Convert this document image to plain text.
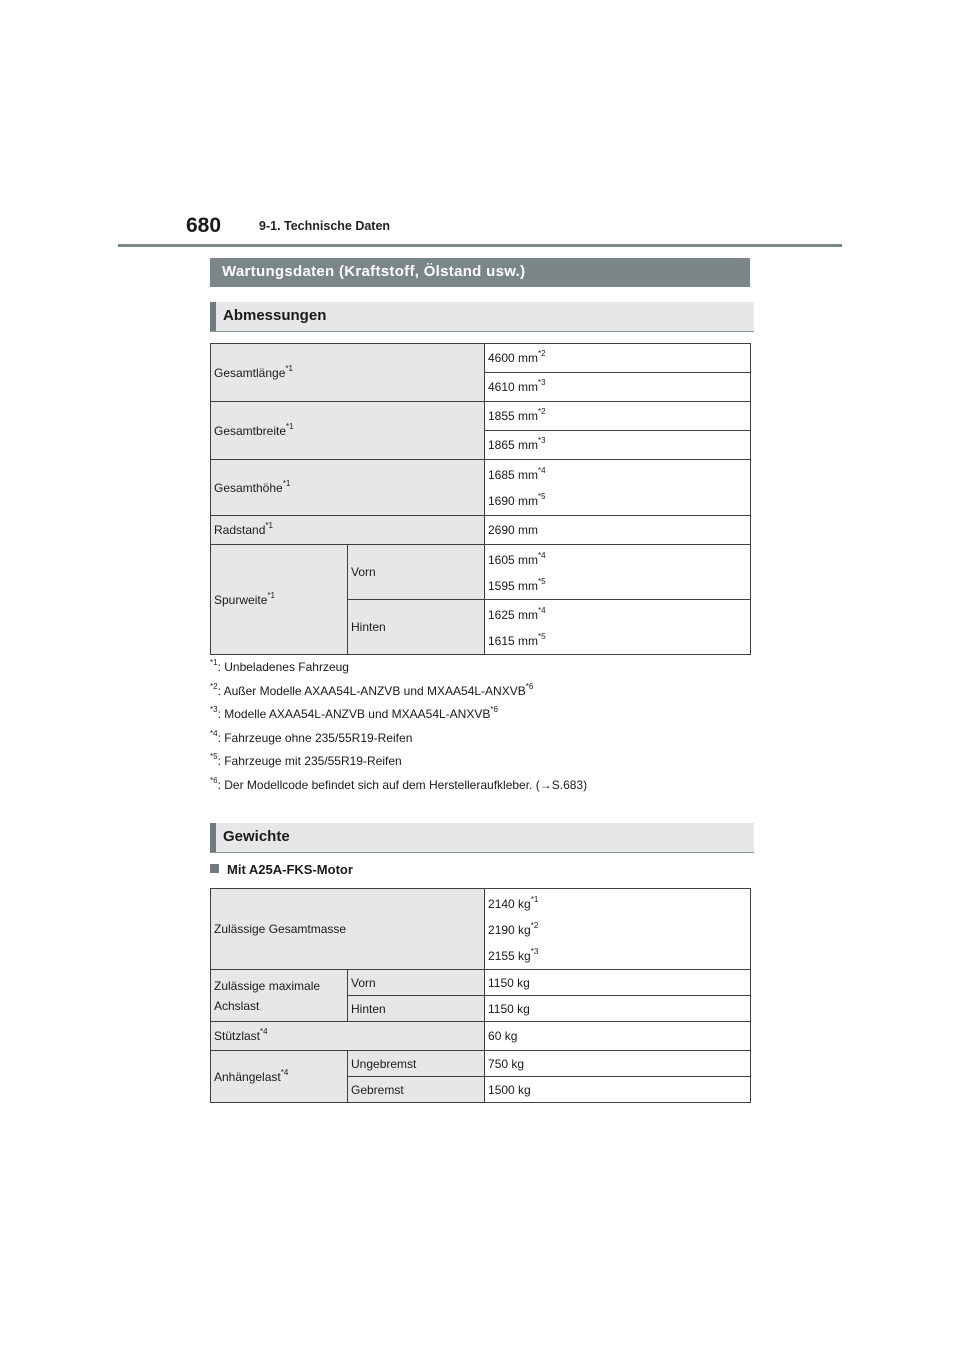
680	9-1. Technische Daten
Wartungsdaten (Kraftstoff, Ölstand usw.)
Abmessungen
Gesamtlänge$^{*1}$		4600 $mm^{*2}$
		4610 $mm^{*3}$
Gesamtbreite$^{*1}$		1855 $mm^{*2}$
		1865 $mm^{*3}$
Gesamthöhe$^{*1}$		1685 $mm^{*4}$
1690 $mm^{*5}$

Radstand$^{*1}$		2690 mm
Spurweite$^{*1}$	Vorn	1605 $mm^{*4}$
1595 $mm^{*5}$

	Hinten	1625 $mm^{*4}$
1615 $mm^{*5}$
$^{*1}$: Unbeladenes Fahrzeug
$^{*2}$: Außer Modelle AXAA54L-ANZVB und MXAA54L-ANXVB$^{*6}$
$^{*3}$: Modelle AXAA54L-ANZVB und MXAA54L-ANXVB$^{*6}$
$^{*4}$: Fahrzeuge ohne 235/55R19-Reifen
$^{*5}$: Fahrzeuge mit 235/55R19-Reifen
$^{*6}$: Der Modellcode befindet sich auf dem Herstelleraufkleber. (→S.683)
Gewichte
Mit A25A-FKS-Motor
Zulässige Gesamtmasse		2140 $kg^{*1}$
2190 $kg^{*2}$
2155 $kg^{*3}$

Zulässige maximale
Achslast	Vorn	1150 kg
	Hinten	1150 kg
Stützlast$^{*4}$		60 kg
Anhängelast$^{*4}$	Ungebremst	750 kg
	Gebremst	1500 kg
